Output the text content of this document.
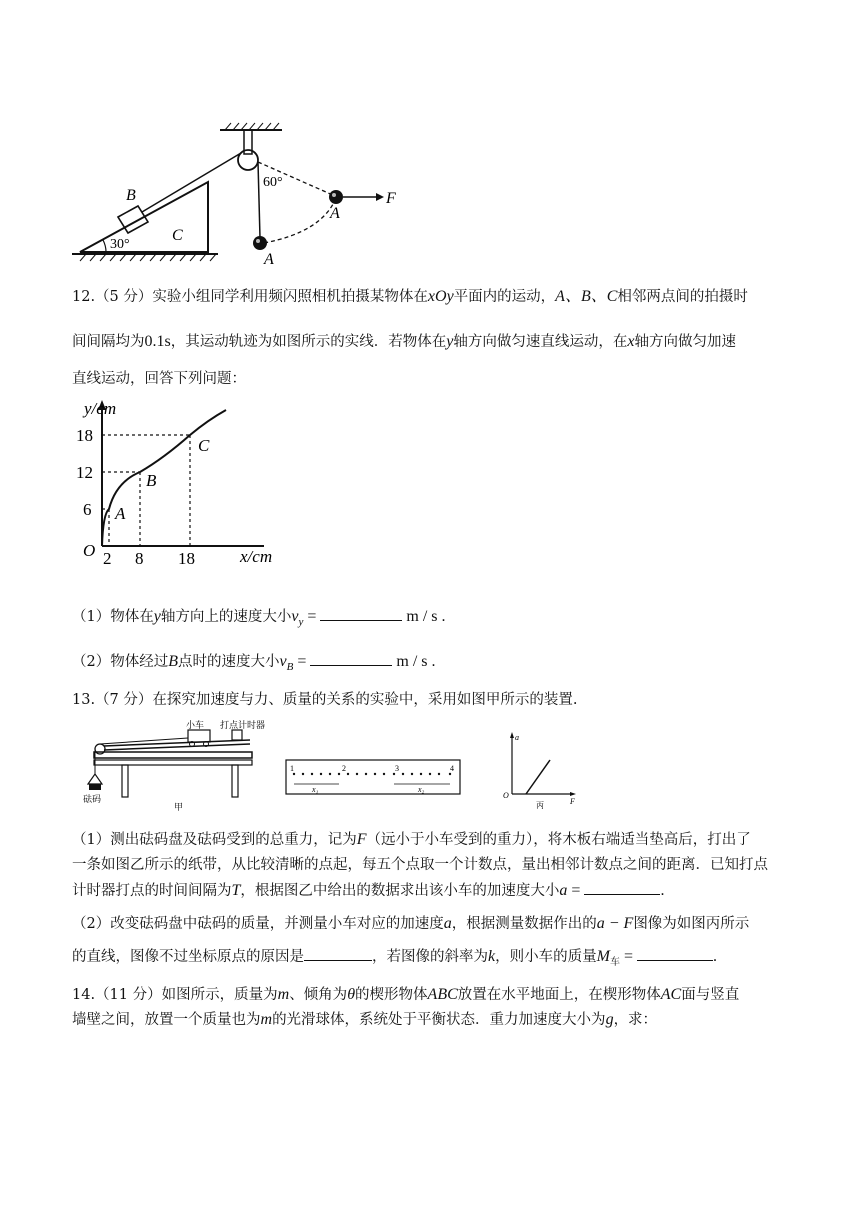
30°
60°
B
C
A
A
F
12.（5 分）实验小组同学利用频闪照相机拍摄某物体在xOy平面内的运动，A、B、C相邻两点间的拍摄时
间间隔均为0.1s，其运动轨迹为如图所示的实线．若物体在y轴方向做匀速直线运动，在x轴方向做匀加速
直线运动，回答下列问题：
y/cm
x/cm
O
18
12
6
2 8 18
A
B
C
（1）物体在y轴方向上的速度大小$v_y$ =	m / s .
（2）物体经过B点时的速度大小$v_B$ =	m / s .
13.（7 分）在探究加速度与力、质量的关系的实验中，采用如图甲所示的装置.
小车 打点计时器
砝码
甲
1	2	3	4
x₁	x₂
a
F
O
丙
（1）测出砝码盘及砝码受到的总重力，记为F（远小于小车受到的重力），将木板右端适当垫高后，打出了
一条如图乙所示的纸带，从比较清晰的点起，每五个点取一个计数点，量出相邻计数点之间的距离．已知打点
计时器打点的时间间隔为T，根据图乙中给出的数据求出该小车的加速度大小a =	.
（2）改变砝码盘中砝码的质量，并测量小车对应的加速度a，根据测量数据作出的a − F图像为如图丙所示
的直线，图像不过坐标原点的原因是	，若图像的斜率为k，则小车的质量$M_车$ =	.
14.（11 分）如图所示，质量为m、倾角为θ的楔形物体ABC放置在水平地面上，在楔形物体AC面与竖直
墙壁之间，放置一个质量也为m的光滑球体，系统处于平衡状态．重力加速度大小为g，求：
